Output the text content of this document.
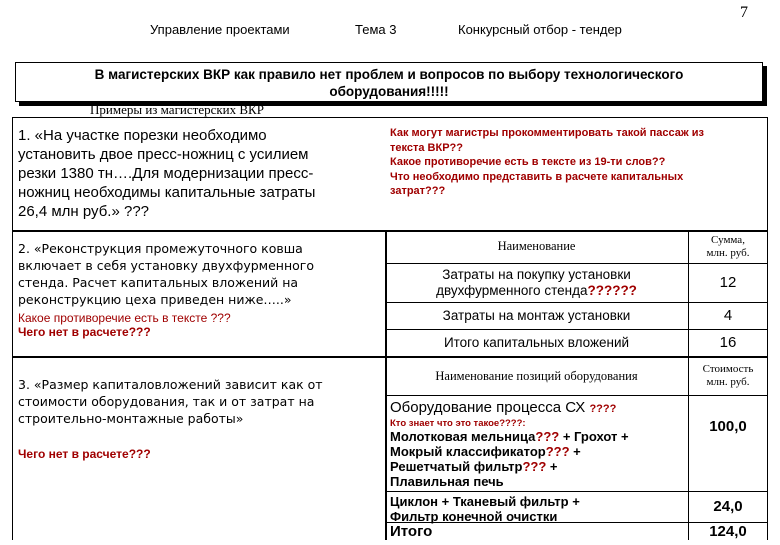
Управление проектами	Тема 3	Конкурсный отбор - тендер
7
В магистерских ВКР как правило нет проблем и вопросов по выбору технологического
оборудования!!!!!
Примеры из магистерских ВКР
1. «На участке порезки необходимо
установить двое пресс-ножниц с усилием
резки 1380 тн….Для модернизации пресс-
ножниц необходимы капитальные затраты
26,4 млн руб.» ???
Как могут магистры прокомментировать такой пассаж из
текста ВКР??
Какое противоречие есть в тексте из 19-ти слов??
Что необходимо представить в расчете капитальных
затрат???
2. «Реконструкция промежуточного ковша
включает в себя установку двухфурменного
стенда. Расчет капитальных вложений на
реконструкцию цеха приведен ниже…..»
Какое противоречие есть в тексте ???
Чего нет в расчете???
Наименование	Сумма,
млн. руб.
Затраты на покупку установки
двухфурменного стенда??????	12
Затраты на монтаж установки	4
Итого капитальных вложений	16
3. «Размер капиталовложений зависит как от
стоимости оборудования, так и от затрат на
строительно-монтажные работы»
Чего нет в расчете???
Наименование позиций оборудования	Стоимость
млн. руб.
Оборудование процесса СХ ????
Кто знает что это такое????:
Молотковая мельница??? + Грохот +
Мокрый классификатор??? +
Решетчатый фильтр??? +
Плавильная печь
100,0
Циклон + Тканевый фильтр +
Фильтр конечной очистки
24,0
Итого	124,0
